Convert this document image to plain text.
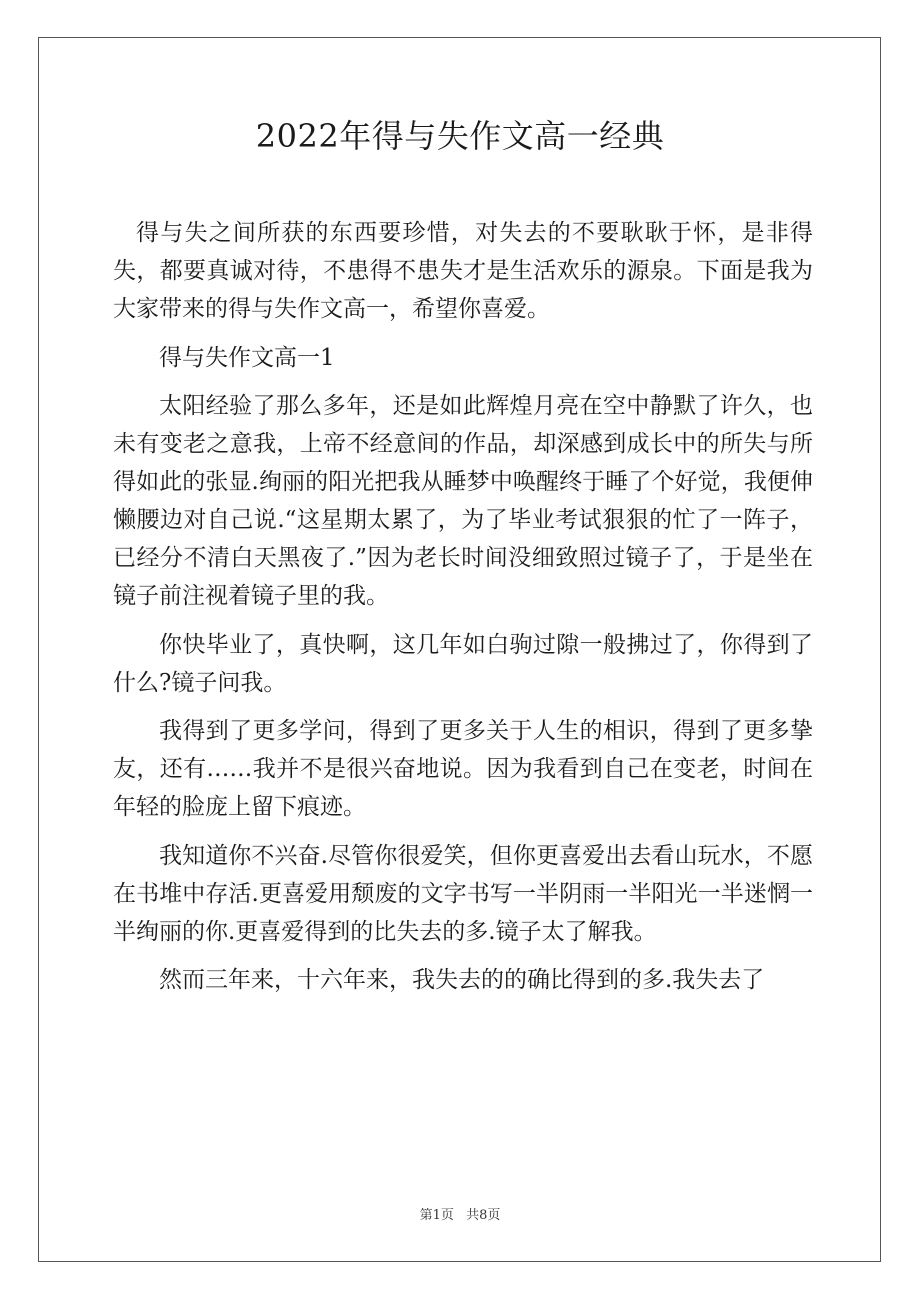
2022年得与失作文高一经典

得与失之间所获的东西要珍惜，对失去的不要耿耿于怀，是非得失，都要真诚对待，不患得不患失才是生活欢乐的源泉。下面是我为大家带来的得与失作文高一，希望你喜爱。

得与失作文高一1

太阳经验了那么多年，还是如此辉煌月亮在空中静默了许久，也未有变老之意我，上帝不经意间的作品，却深感到成长中的所失与所得如此的张显.绚丽的阳光把我从睡梦中唤醒终于睡了个好觉，我便伸懒腰边对自己说.“这星期太累了，为了毕业考试狠狠的忙了一阵子，已经分不清白天黑夜了.”因为老长时间没细致照过镜子了，于是坐在镜子前注视着镜子里的我。

你快毕业了，真快啊，这几年如白驹过隙一般拂过了，你得到了什么?镜子问我。

我得到了更多学问，得到了更多关于人生的相识，得到了更多挚友，还有……我并不是很兴奋地说。因为我看到自己在变老，时间在年轻的脸庞上留下痕迹。

我知道你不兴奋.尽管你很爱笑，但你更喜爱出去看山玩水，不愿在书堆中存活.更喜爱用颓废的文字书写一半阴雨一半阳光一半迷惘一半绚丽的你.更喜爱得到的比失去的多.镜子太了解我。

然而三年来，十六年来，我失去的的确比得到的多.我失去了

第1页 共8页
